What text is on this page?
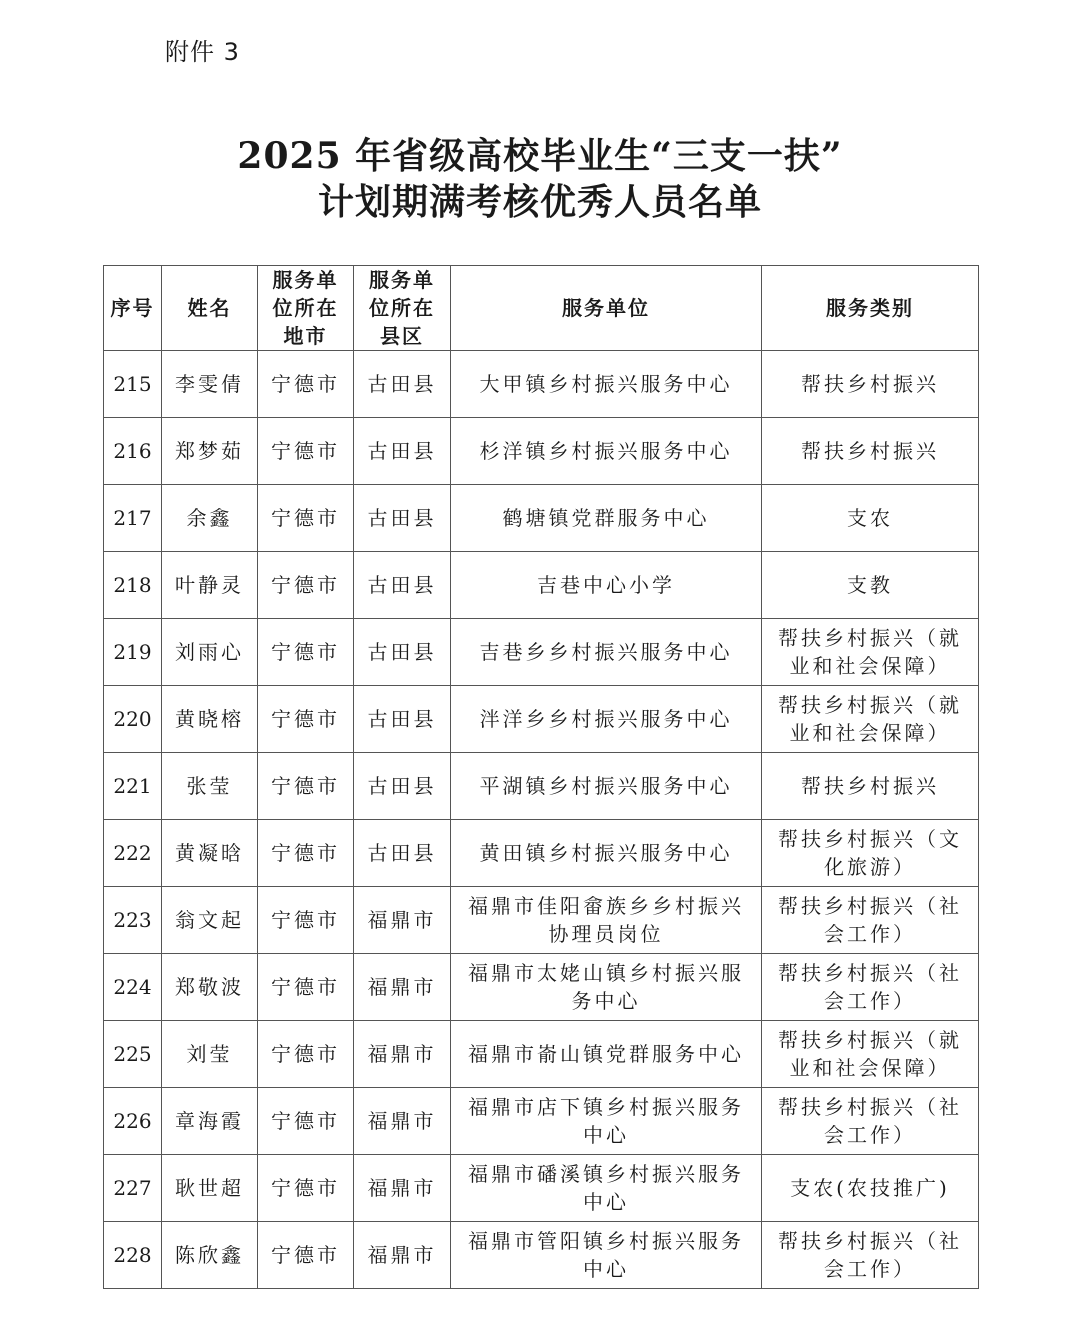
附件 3
2025 年省级高校毕业生“三支一扶”
计划期满考核优秀人员名单
序号	姓名	服务单位所在地市	服务单位所在县区	服务单位	服务类别
215	李雯倩	宁德市	古田县	大甲镇乡村振兴服务中心	帮扶乡村振兴
216	郑梦茹	宁德市	古田县	杉洋镇乡村振兴服务中心	帮扶乡村振兴
217	余鑫	宁德市	古田县	鹤塘镇党群服务中心	支农
218	叶静灵	宁德市	古田县	吉巷中心小学	支教
219	刘雨心	宁德市	古田县	吉巷乡乡村振兴服务中心	帮扶乡村振兴（就业和社会保障）
220	黄晓榕	宁德市	古田县	泮洋乡乡村振兴服务中心	帮扶乡村振兴（就业和社会保障）
221	张莹	宁德市	古田县	平湖镇乡村振兴服务中心	帮扶乡村振兴
222	黄凝晗	宁德市	古田县	黄田镇乡村振兴服务中心	帮扶乡村振兴（文化旅游）
223	翁文起	宁德市	福鼎市	福鼎市佳阳畲族乡乡村振兴协理员岗位	帮扶乡村振兴（社会工作）
224	郑敬波	宁德市	福鼎市	福鼎市太姥山镇乡村振兴服务中心	帮扶乡村振兴（社会工作）
225	刘莹	宁德市	福鼎市	福鼎市嵛山镇党群服务中心	帮扶乡村振兴（就业和社会保障）
226	章海霞	宁德市	福鼎市	福鼎市店下镇乡村振兴服务中心	帮扶乡村振兴（社会工作）
227	耿世超	宁德市	福鼎市	福鼎市磻溪镇乡村振兴服务中心	支农(农技推广)
228	陈欣鑫	宁德市	福鼎市	福鼎市管阳镇乡村振兴服务中心	帮扶乡村振兴（社会工作）
